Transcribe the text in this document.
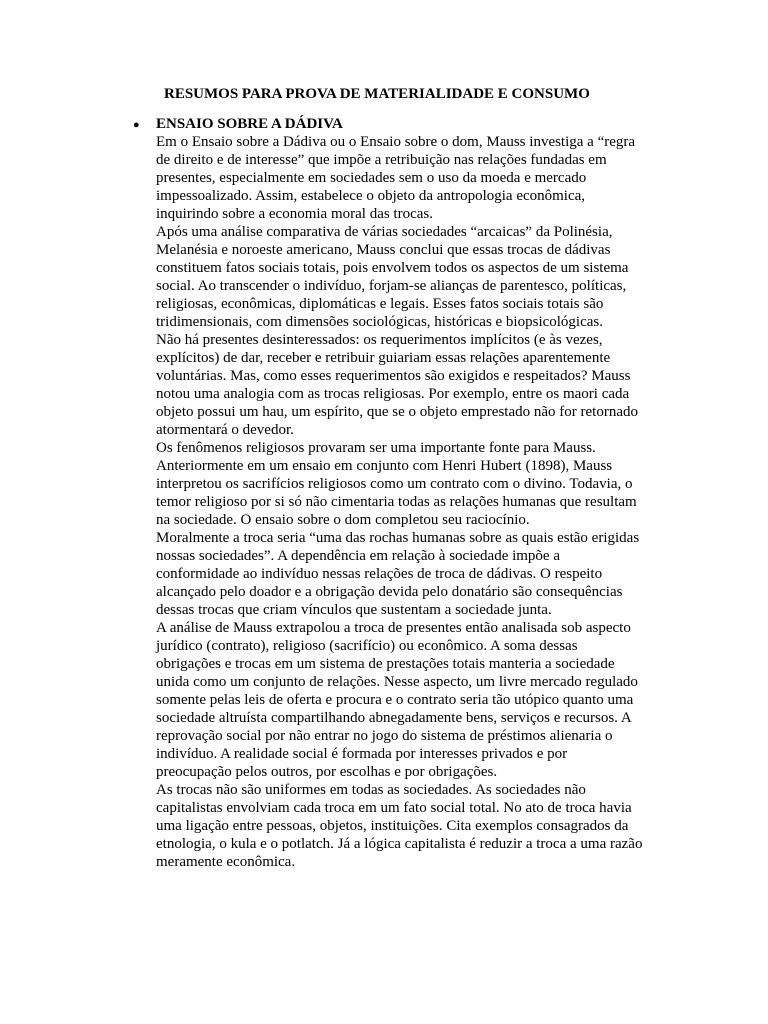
RESUMOS PARA PROVA DE MATERIALIDADE E CONSUMO
● ENSAIO SOBRE A DÁDIVA

Em o Ensaio sobre a Dádiva ou o Ensaio sobre o dom, Mauss investiga a “regra
de direito e de interesse” que impõe a retribuição nas relações fundadas em
presentes, especialmente em sociedades sem o uso da moeda e mercado
impessoalizado. Assim, estabelece o objeto da antropologia econômica,
inquirindo sobre a economia moral das trocas.

Após uma análise comparativa de várias sociedades “arcaicas” da Polinésia,
Melanésia e noroeste americano, Mauss conclui que essas trocas de dádivas
constituem fatos sociais totais, pois envolvem todos os aspectos de um sistema
social. Ao transcender o indivíduo, forjam-se alianças de parentesco, políticas,
religiosas, econômicas, diplomáticas e legais. Esses fatos sociais totais são
tridimensionais, com dimensões sociológicas, históricas e biopsicológicas.

Não há presentes desinteressados: os requerimentos implícitos (e às vezes,
explícitos) de dar, receber e retribuir guiariam essas relações aparentemente
voluntárias. Mas, como esses requerimentos são exigidos e respeitados? Mauss
notou uma analogia com as trocas religiosas. Por exemplo, entre os maori cada
objeto possui um hau, um espírito, que se o objeto emprestado não for retornado
atormentará o devedor.

Os fenômenos religiosos provaram ser uma importante fonte para Mauss.
Anteriormente em um ensaio em conjunto com Henri Hubert (1898), Mauss
interpretou os sacrifícios religiosos como um contrato com o divino. Todavia, o
temor religioso por si só não cimentaria todas as relações humanas que resultam
na sociedade. O ensaio sobre o dom completou seu raciocínio.

Moralmente a troca seria “uma das rochas humanas sobre as quais estão erigidas
nossas sociedades”. A dependência em relação à sociedade impõe a
conformidade ao indivíduo nessas relações de troca de dádivas. O respeito
alcançado pelo doador e a obrigação devida pelo donatário são consequências
dessas trocas que criam vínculos que sustentam a sociedade junta.

A análise de Mauss extrapolou a troca de presentes então analisada sob aspecto
jurídico (contrato), religioso (sacrifício) ou econômico. A soma dessas
obrigações e trocas em um sistema de prestações totais manteria a sociedade
unida como um conjunto de relações. Nesse aspecto, um livre mercado regulado
somente pelas leis de oferta e procura e o contrato seria tão utópico quanto uma
sociedade altruísta compartilhando abnegadamente bens, serviços e recursos. A
reprovação social por não entrar no jogo do sistema de préstimos alienaria o
indivíduo. A realidade social é formada por interesses privados e por
preocupação pelos outros, por escolhas e por obrigações.

As trocas não são uniformes em todas as sociedades. As sociedades não
capitalistas envolviam cada troca em um fato social total. No ato de troca havia
uma ligação entre pessoas, objetos, instituições. Cita exemplos consagrados da
etnologia, o kula e o potlatch. Já a lógica capitalista é reduzir a troca a uma razão
meramente econômica.
